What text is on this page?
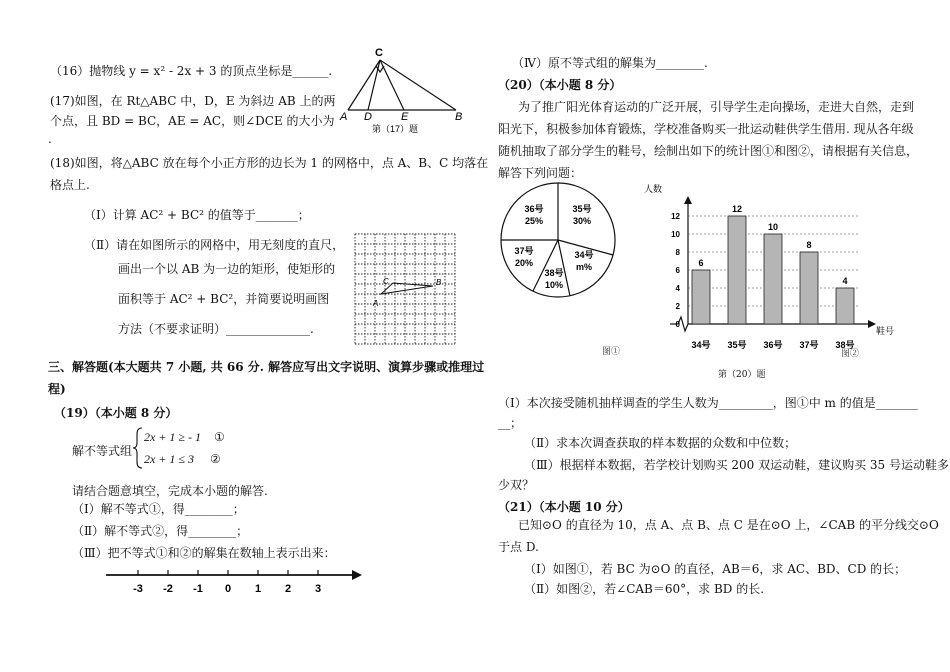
（16）抛物线 y = x² - 2x + 3 的顶点坐标是______.
(17)如图，在 Rt△ABC 中，D，E 为斜边 AB 上的两
个点，且 BD = BC，AE = AC，则∠DCE 的大小为
.
C
A D	E	B
第（17）题
(18)如图，将△ABC 放在每个小正方形的边长为 1 的网格中，点 A、B、C 均落在
格点上.
（Ⅰ）计算 AC² + BC² 的值等于_______；
（Ⅱ）请在如图所示的网格中，用无刻度的直尺，
画出一个以 AB 为一边的矩形，使矩形的
面积等于 AC² + BC²，并简要说明画图
方法（不要求证明）______________.
C	B
A
三、解答题(本大题共 7 小题, 共 66 分. 解答应写出文字说明、演算步骤或推理过
程)
（19）（本小题 8 分）
解不等式组
2x + 1 ≥ - 1
2x + 1 ≤ 3
①
②
请结合题意填空，完成本小题的解答.
（Ⅰ）解不等式①，得________；
（Ⅱ）解不等式②，得________；
（Ⅲ）把不等式①和②的解集在数轴上表示出来：
-3 -2 -1 0 1 2 3
（Ⅳ）原不等式组的解集为________.
（20）（本小题 8 分）
为了推广阳光体育运动的广泛开展，引导学生走向操场，走进大自然，走到
阳光下，积极参加体育锻炼，学校准备购买一批运动鞋供学生借用. 现从各年级
随机抽取了部分学生的鞋号，绘制出如下的统计图①和图②，请根据有关信息，
解答下列问题：
36号
25%
35号
30%
34号
m%
38号
10%
37号
20%
图①
人数
鞋号
图②
0
2
4
6
8
10
12
6
34号
12
35号
10
36号
8
37号
4
38号
第（20）题
（Ⅰ）本次接受随机抽样调查的学生人数为_________，图①中 m 的值是_______
__；
（Ⅱ）求本次调查获取的样本数据的众数和中位数；
（Ⅲ）根据样本数据，若学校计划购买 200 双运动鞋，建议购买 35 号运动鞋多
少双？
（21）（本小题 10 分）
已知⊙O 的直径为 10，点 A、点 B、点 C 是在⊙O 上，∠CAB 的平分线交⊙O
于点 D.
（Ⅰ）如图①，若 BC 为⊙O 的直径，AB＝6，求 AC、BD、CD 的长；
（Ⅱ）如图②，若∠CAB＝60°，求 BD 的长.
